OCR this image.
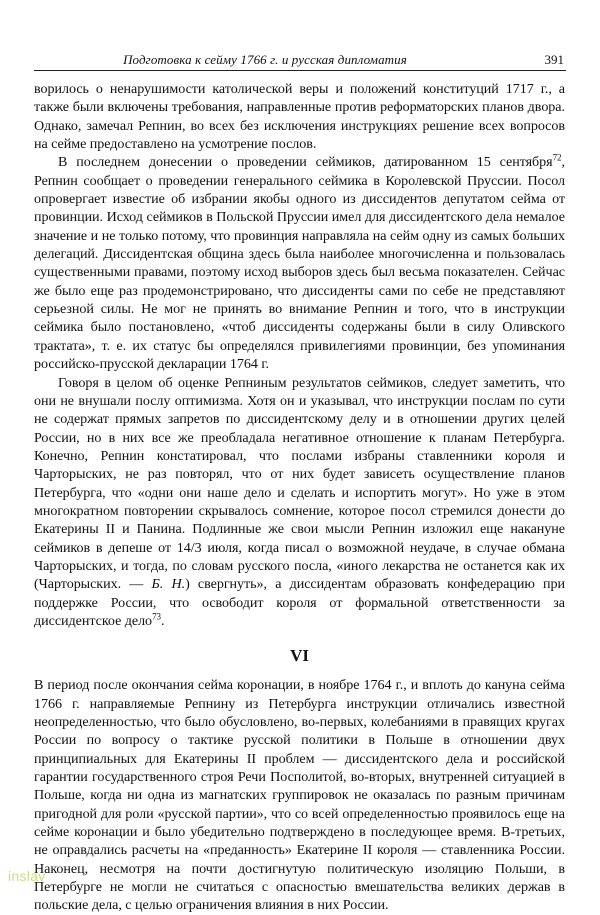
Подготовка к сейму 1766 г. и русская дипломатия	391

ворилось о ненарушимости католической веры и положений конституций 1717 г., а также были включены требования, направленные против реформаторских планов двора. Однако, замечал Репнин, во всех без исключения инструкциях решение всех вопросов на сейме предоставлено на усмотрение послов.

В последнем донесении о проведении сеймиков, датированном 15 сентября$^{72}$, Репнин сообщает о проведении генерального сеймика в Королевской Пруссии. Посол опровергает известие об избрании якобы одного из диссидентов депутатом сейма от провинции. Исход сеймиков в Польской Пруссии имел для диссидентского дела немалое значение и не только потому, что провинция направляла на сейм одну из самых больших делегаций. Диссидентская община здесь была наиболее многочисленна и пользовалась существенными правами, поэтому исход выборов здесь был весьма показателен. Сейчас же было еще раз продемонстрировано, что диссиденты сами по себе не представляют серьезной силы. Не мог не принять во внимание Репнин и того, что в инструкции сеймика было постановлено, «чтоб диссиденты содержаны были в силу Оливского трактата», т. е. их статус бы определялся привилегиями провинции, без упоминания российско-прусской декларации 1764 г.

Говоря в целом об оценке Репниным результатов сеймиков, следует заметить, что они не внушали послу оптимизма. Хотя он и указывал, что инструкции послам по сути не содержат прямых запретов по диссидентскому делу и в отношении других целей России, но в них все же преобладала негативное отношение к планам Петербурга. Конечно, Репнин констатировал, что послами избраны ставленники короля и Чарторыских, не раз повторял, что от них будет зависеть осуществление планов Петербурга, что «одни они наше дело и сделать и испортить могут». Но уже в этом многократном повторении скрывалось сомнение, которое посол стремился донести до Екатерины II и Панина. Подлинные же свои мысли Репнин изложил еще накануне сеймиков в депеше от 14/3 июля, когда писал о возможной неудаче, в случае обмана Чарторыских, и тогда, по словам русского посла, «иного лекарства не останется как их (Чарторыских. — Б. Н.) свергнуть», а диссидентам образовать конфедерацию при поддержке России, что освободит короля от формальной ответственности за диссидентское дело$^{73}$.

VI

В период после окончания сейма коронации, в ноябре 1764 г., и вплоть до кануна сейма 1766 г. направляемые Репнину из Петербурга инструкции отличались известной неопределенностью, что было обусловлено, во-первых, колебаниями в правящих кругах России по вопросу о тактике русской политики в Польше в отношении двух принципиальных для Екатерины II проблем — диссидентского дела и российской гарантии государственного строя Речи Посполитой, во-вторых, внутренней ситуацией в Польше, когда ни одна из магнатских группировок не оказалась по разным причинам пригодной для роли «русской партии», что со всей определенностью проявилось еще на сейме коронации и было убедительно подтверждено в последующее время. В-третьих, не оправдались расчеты на «преданность» Екатерине II короля — ставленника России. Наконец, несмотря на почти достигнутую политическую изоляцию Польши, в Петербурге не могли не считаться с опасностью вмешательства великих держав в польские дела, с целью ограничения влияния в них России.

inslav
